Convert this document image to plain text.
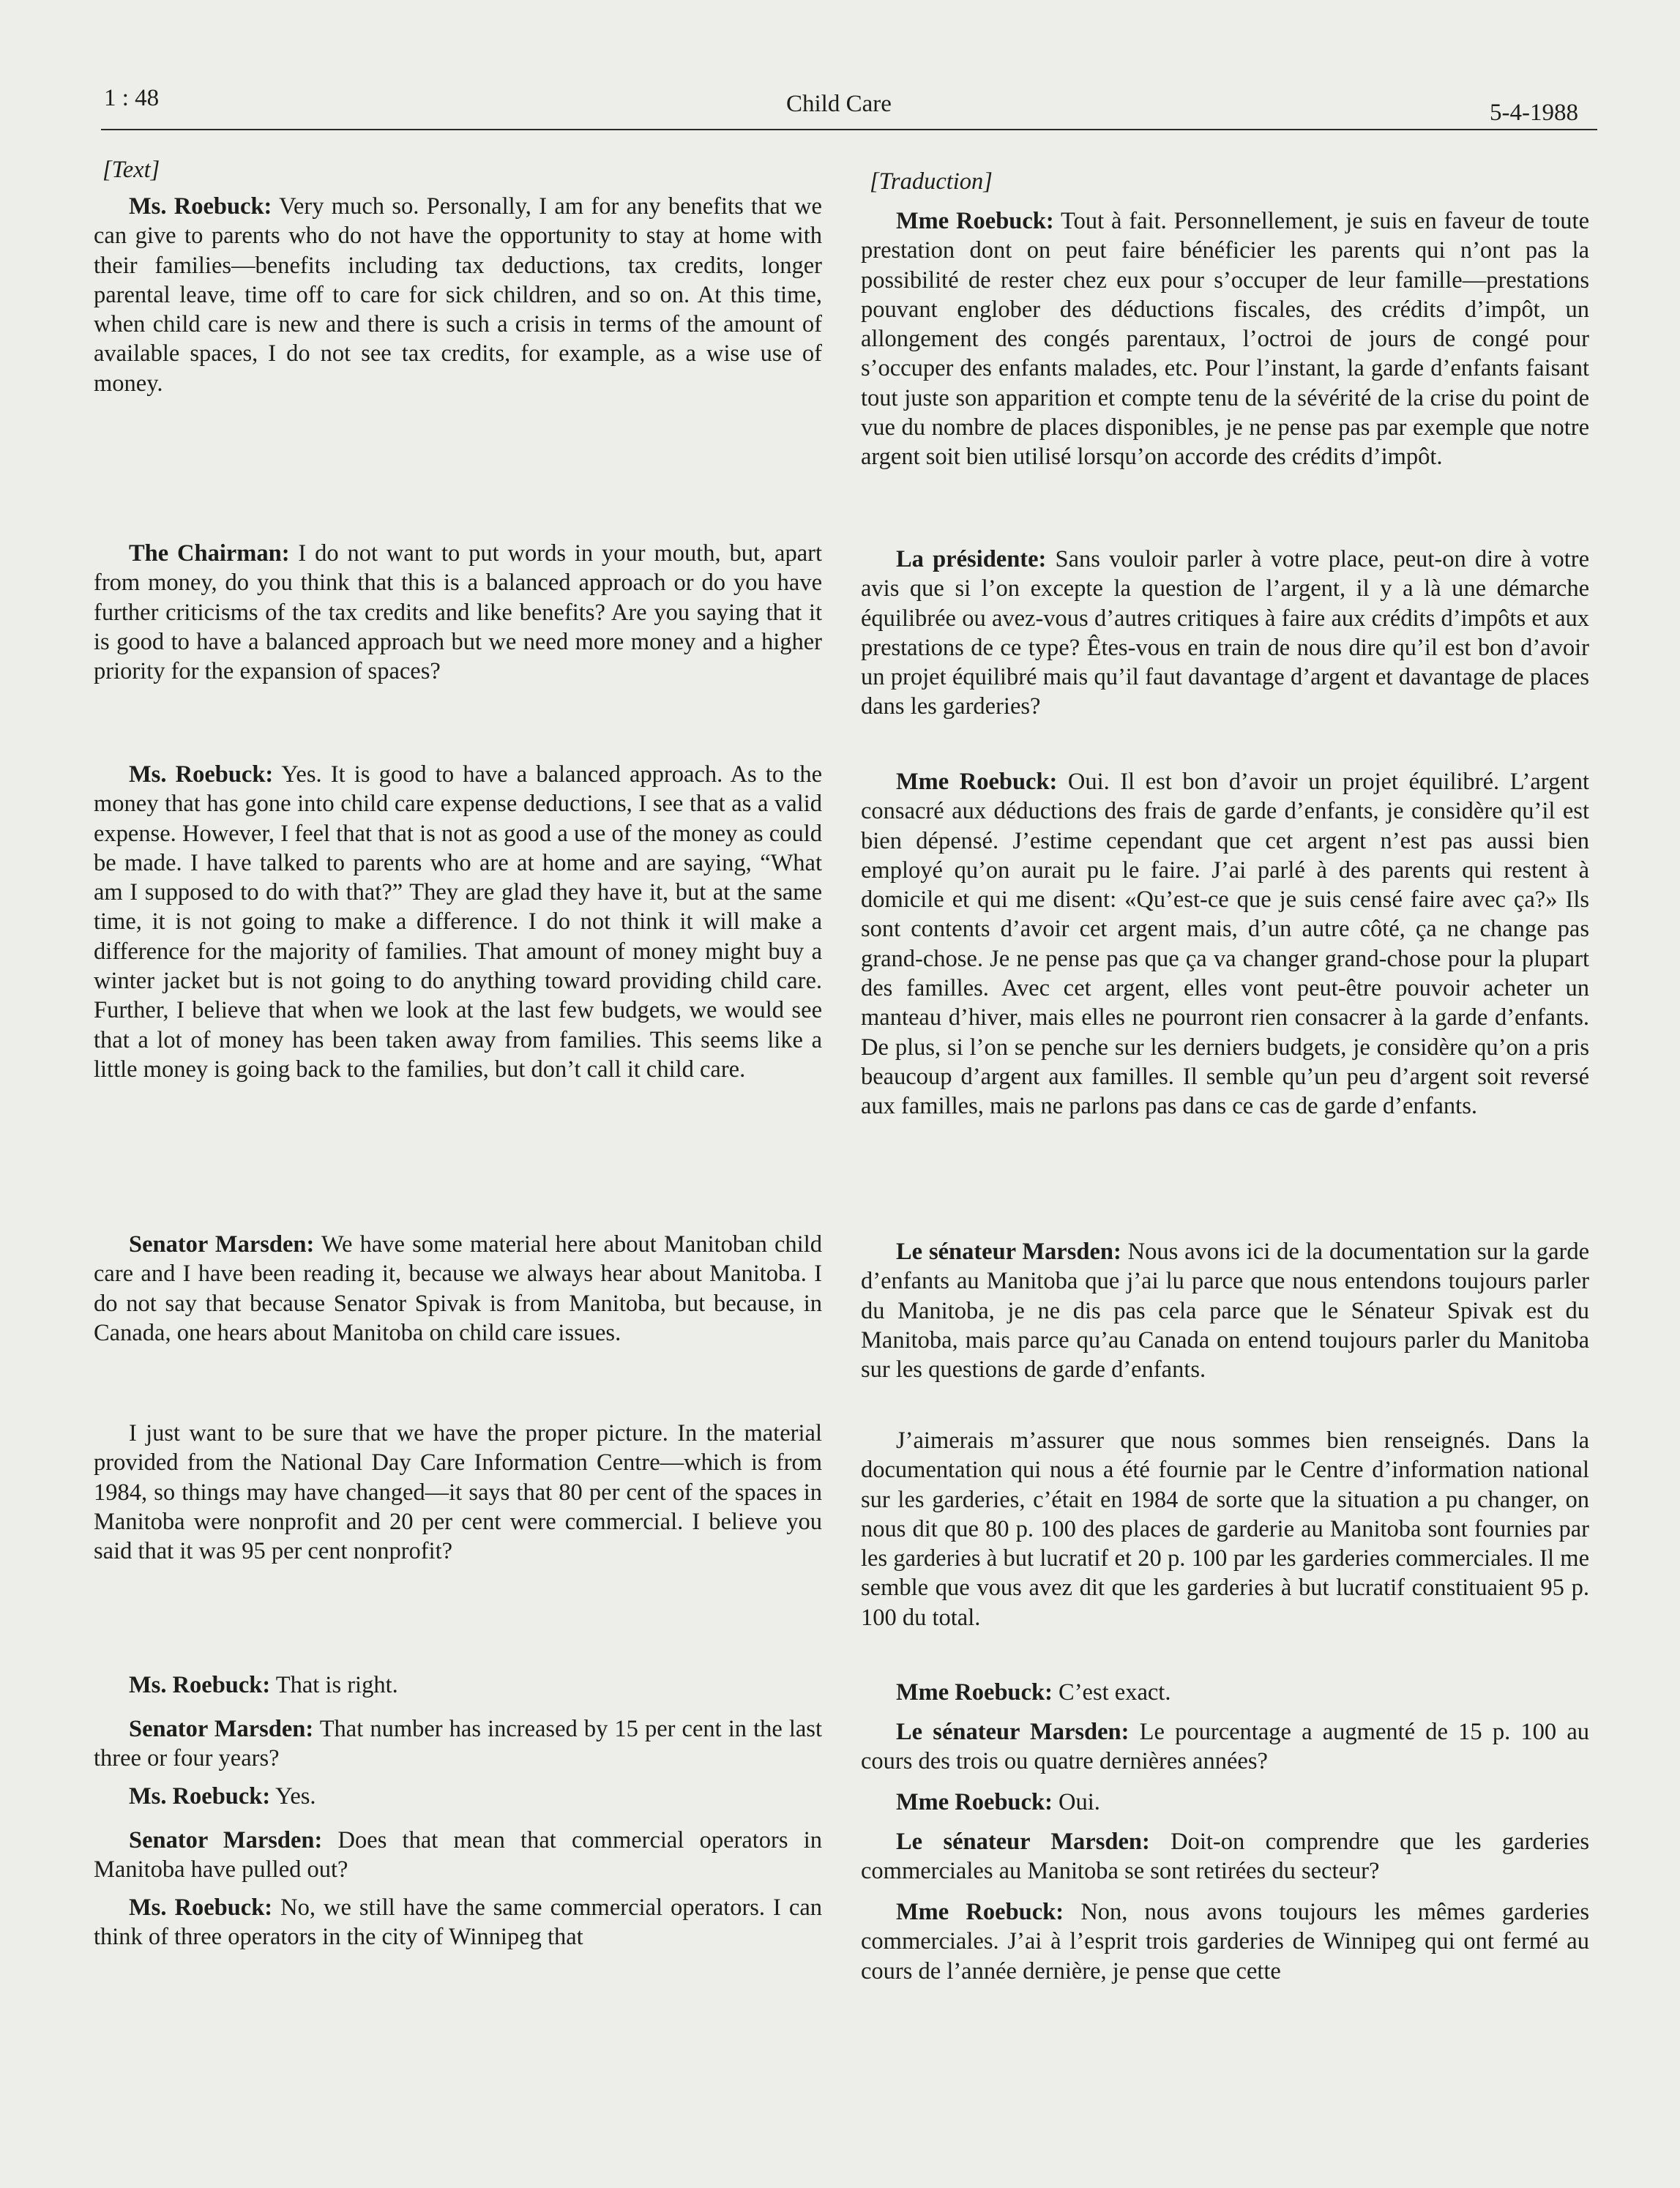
1 : 48	Child Care	5-4-1988

[Text]

Ms. Roebuck: Very much so. Personally, I am for any benefits that we can give to parents who do not have the opportunity to stay at home with their families—benefits including tax deductions, tax credits, longer parental leave, time off to care for sick children, and so on. At this time, when child care is new and there is such a crisis in terms of the amount of available spaces, I do not see tax credits, for example, as a wise use of money.

The Chairman: I do not want to put words in your mouth, but, apart from money, do you think that this is a balanced approach or do you have further criticisms of the tax credits and like benefits? Are you saying that it is good to have a balanced approach but we need more money and a higher priority for the expansion of spaces?

Ms. Roebuck: Yes. It is good to have a balanced approach. As to the money that has gone into child care expense deductions, I see that as a valid expense. However, I feel that that is not as good a use of the money as could be made. I have talked to parents who are at home and are saying, “What am I supposed to do with that?” They are glad they have it, but at the same time, it is not going to make a difference. I do not think it will make a difference for the majority of families. That amount of money might buy a winter jacket but is not going to do anything toward providing child care. Further, I believe that when we look at the last few budgets, we would see that a lot of money has been taken away from families. This seems like a little money is going back to the families, but don’t call it child care.

Senator Marsden: We have some material here about Manitoban child care and I have been reading it, because we always hear about Manitoba. I do not say that because Senator Spivak is from Manitoba, but because, in Canada, one hears about Manitoba on child care issues.

I just want to be sure that we have the proper picture. In the material provided from the National Day Care Information Centre—which is from 1984, so things may have changed—it says that 80 per cent of the spaces in Manitoba were nonprofit and 20 per cent were commercial. I believe you said that it was 95 per cent nonprofit?

Ms. Roebuck: That is right.

Senator Marsden: That number has increased by 15 per cent in the last three or four years?

Ms. Roebuck: Yes.

Senator Marsden: Does that mean that commercial operators in Manitoba have pulled out?

Ms. Roebuck: No, we still have the same commercial operators. I can think of three operators in the city of Winnipeg that

[Traduction]

Mme Roebuck: Tout à fait. Personnellement, je suis en faveur de toute prestation dont on peut faire bénéficier les parents qui n’ont pas la possibilité de rester chez eux pour s’occuper de leur famille—prestations pouvant englober des déductions fiscales, des crédits d’impôt, un allongement des congés parentaux, l’octroi de jours de congé pour s’occuper des enfants malades, etc. Pour l’instant, la garde d’enfants faisant tout juste son apparition et compte tenu de la sévérité de la crise du point de vue du nombre de places disponibles, je ne pense pas par exemple que notre argent soit bien utilisé lorsqu’on accorde des crédits d’impôt.

La présidente: Sans vouloir parler à votre place, peut-on dire à votre avis que si l’on excepte la question de l’argent, il y a là une démarche équilibrée ou avez-vous d’autres critiques à faire aux crédits d’impôts et aux prestations de ce type? Êtes-vous en train de nous dire qu’il est bon d’avoir un projet équilibré mais qu’il faut davantage d’argent et davantage de places dans les garderies?

Mme Roebuck: Oui. Il est bon d’avoir un projet équilibré. L’argent consacré aux déductions des frais de garde d’enfants, je considère qu’il est bien dépensé. J’estime cependant que cet argent n’est pas aussi bien employé qu’on aurait pu le faire. J’ai parlé à des parents qui restent à domicile et qui me disent: «Qu’est-ce que je suis censé faire avec ça?» Ils sont contents d’avoir cet argent mais, d’un autre côté, ça ne change pas grand-chose. Je ne pense pas que ça va changer grand-chose pour la plupart des familles. Avec cet argent, elles vont peut-être pouvoir acheter un manteau d’hiver, mais elles ne pourront rien consacrer à la garde d’enfants. De plus, si l’on se penche sur les derniers budgets, je considère qu’on a pris beaucoup d’argent aux familles. Il semble qu’un peu d’argent soit reversé aux familles, mais ne parlons pas dans ce cas de garde d’enfants.

Le sénateur Marsden: Nous avons ici de la documentation sur la garde d’enfants au Manitoba que j’ai lu parce que nous entendons toujours parler du Manitoba, je ne dis pas cela parce que le Sénateur Spivak est du Manitoba, mais parce qu’au Canada on entend toujours parler du Manitoba sur les questions de garde d’enfants.

J’aimerais m’assurer que nous sommes bien renseignés. Dans la documentation qui nous a été fournie par le Centre d’information national sur les garderies, c’était en 1984 de sorte que la situation a pu changer, on nous dit que 80 p. 100 des places de garderie au Manitoba sont fournies par les garderies à but lucratif et 20 p. 100 par les garderies commerciales. Il me semble que vous avez dit que les garderies à but lucratif constituaient 95 p. 100 du total.

Mme Roebuck: C’est exact.

Le sénateur Marsden: Le pourcentage a augmenté de 15 p. 100 au cours des trois ou quatre dernières années?

Mme Roebuck: Oui.

Le sénateur Marsden: Doit-on comprendre que les garderies commerciales au Manitoba se sont retirées du secteur?

Mme Roebuck: Non, nous avons toujours les mêmes garderies commerciales. J’ai à l’esprit trois garderies de Winnipeg qui ont fermé au cours de l’année dernière, je pense que cette
